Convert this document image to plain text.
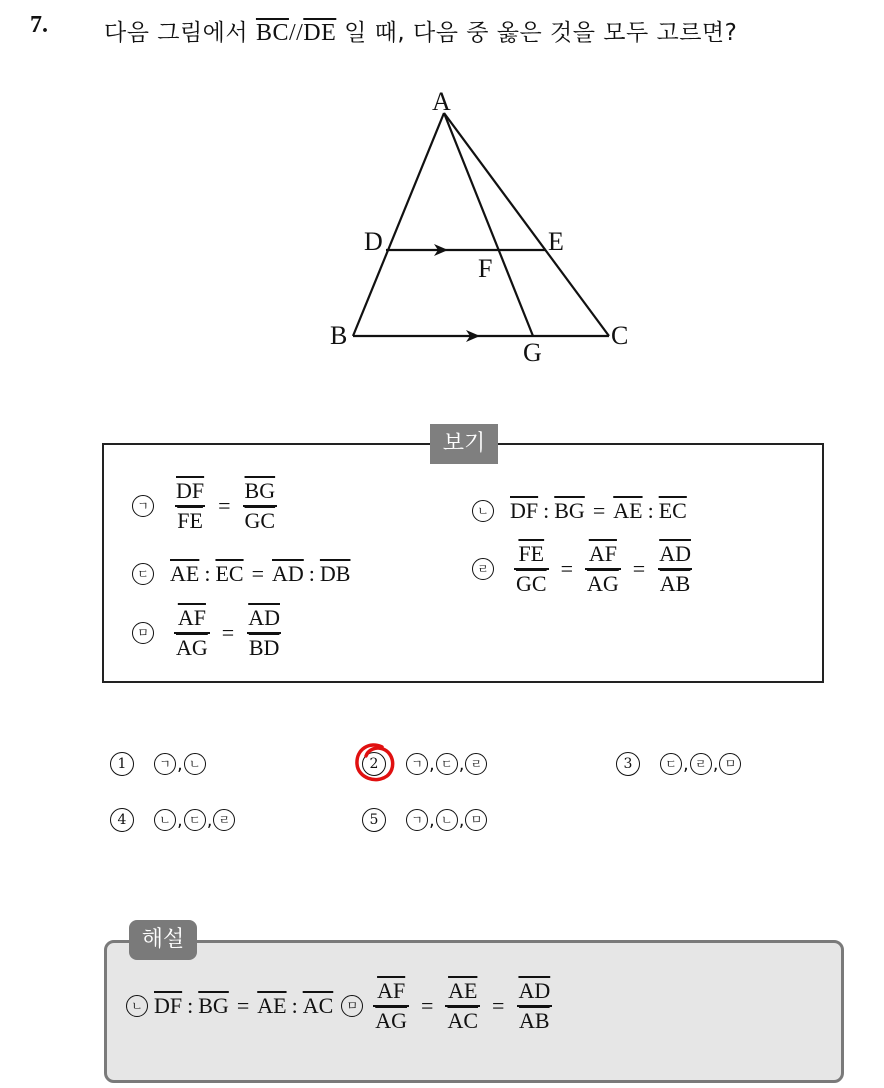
7. 다음 그림에서 $\overline{BC}//\overline{DE}$ 일 때, 다음 중 옳은 것을 모두 고르면?
A
B	C
D	E
F
G
보기
ㄱ $\frac{\overline{DF}}{FE} = \frac{\overline{BG}}{GC}$	ㄴ $\overline{DF}$ : $\overline{BG} = \overline{AE}$ : $\overline{EC}$
ㄷ $\overline{AE}$ : $\overline{EC} = \overline{AD}$ : $\overline{DB}$	ㄹ $\frac{\overline{FE}}{GC} = \frac{\overline{AF}}{AG} = \frac{\overline{AD}}{AB}$
ㅁ $\frac{\overline{AF}}{AG} = \frac{\overline{AD}}{BD}$
1	ㄱ , ㄴ	2	ㄱ , ㄷ , ㄹ	3	ㄷ , ㄹ , ㅁ
4	ㄴ , ㄷ , ㄹ	5	ㄱ , ㄴ , ㅁ
해설
ㄴ $\overline{DF}$ : $\overline{BG} = \overline{AE}$ : $\overline{AC}$	ㅁ $\frac{\overline{AF}}{AG} = \frac{\overline{AE}}{AC} = \frac{\overline{AD}}{AB}$
